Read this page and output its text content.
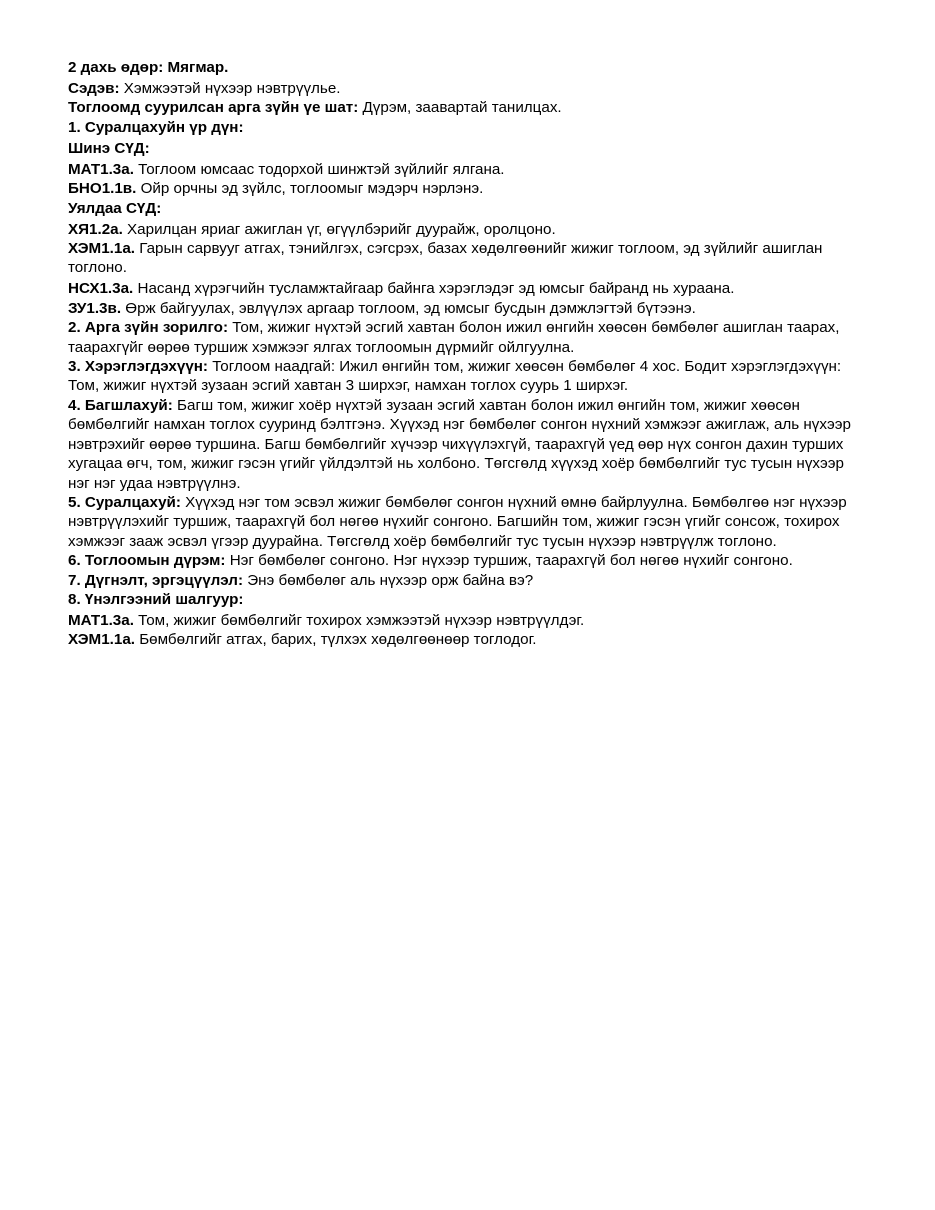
2 дахь өдөр: Мягмар.

Сэдэв: Хэмжээтэй нүхээр нэвтрүүлье.

Тоглоомд суурилсан арга зүйн үе шат: Дүрэм, заавартай танилцах.

1. Суралцахуйн үр дүн:

Шинэ СҮД:

МАТ1.3а. Тоглоом юмсаас тодорхой шинжтэй зүйлийг ялгана.

БНО1.1в. Ойр орчны эд зүйлс, тоглоомыг мэдэрч нэрлэнэ.

Уялдаа СҮД:

ХЯ1.2а. Харилцан яриаг ажиглан үг, өгүүлбэрийг дуурайж, оролцоно.

ХЭМ1.1а. Гарын сарвууг атгах, тэнийлгэх, сэгсрэх, базах хөдөлгөөнийг жижиг тоглоом, эд зүйлийг ашиглан тоглоно.

НСХ1.3а. Насанд хүрэгчийн тусламжтайгаар байнга хэрэглэдэг эд юмсыг байранд нь хураана.

ЗУ1.3в. Өрж байгуулах, эвлүүлэх аргаар тоглоом, эд юмсыг бусдын дэмжлэгтэй бүтээнэ.

2. Арга зүйн зорилго: Том, жижиг нүхтэй эсгий хавтан болон ижил өнгийн хөөсөн бөмбөлөг ашиглан таарах, таарахгүйг өөрөө туршиж хэмжээг ялгах тоглоомын дүрмийг ойлгуулна.

3. Хэрэглэгдэхүүн: Тоглоом наадгай: Ижил өнгийн том, жижиг хөөсөн бөмбөлөг 4 хос. Бодит хэрэглэгдэхүүн: Том, жижиг нүхтэй зузаан эсгий хавтан 3 ширхэг, намхан тоглох суурь 1 ширхэг.

4. Багшлахуй: Багш том, жижиг хоёр нүхтэй зузаан эсгий хавтан болон ижил өнгийн том, жижиг хөөсөн бөмбөлгийг намхан тоглох сууринд бэлтгэнэ. Хүүхэд нэг бөмбөлөг сонгон нүхний хэмжээг ажиглаж, аль нүхээр нэвтрэхийг өөрөө туршина. Багш бөмбөлгийг хүчээр чихүүлэхгүй, таарахгүй үед өөр нүх сонгон дахин турших хугацаа өгч, том, жижиг гэсэн үгийг үйлдэлтэй нь холбоно. Төгсгөлд хүүхэд хоёр бөмбөлгийг тус тусын нүхээр нэг нэг удаа нэвтрүүлнэ.

5. Суралцахуй: Хүүхэд нэг том эсвэл жижиг бөмбөлөг сонгон нүхний өмнө байрлуулна. Бөмбөлгөө нэг нүхээр нэвтрүүлэхийг туршиж, таарахгүй бол нөгөө нүхийг сонгоно. Багшийн том, жижиг гэсэн үгийг сонсож, тохирох хэмжээг зааж эсвэл үгээр дуурайна. Төгсгөлд хоёр бөмбөлгийг тус тусын нүхээр нэвтрүүлж тоглоно.

6. Тоглоомын дүрэм: Нэг бөмбөлөг сонгоно. Нэг нүхээр туршиж, таарахгүй бол нөгөө нүхийг сонгоно.

7. Дүгнэлт, эргэцүүлэл: Энэ бөмбөлөг аль нүхээр орж байна вэ?

8. Үнэлгээний шалгуур:

МАТ1.3а. Том, жижиг бөмбөлгийг тохирох хэмжээтэй нүхээр нэвтрүүлдэг.

ХЭМ1.1а. Бөмбөлгийг атгах, барих, түлхэх хөдөлгөөнөөр тоглодог.
